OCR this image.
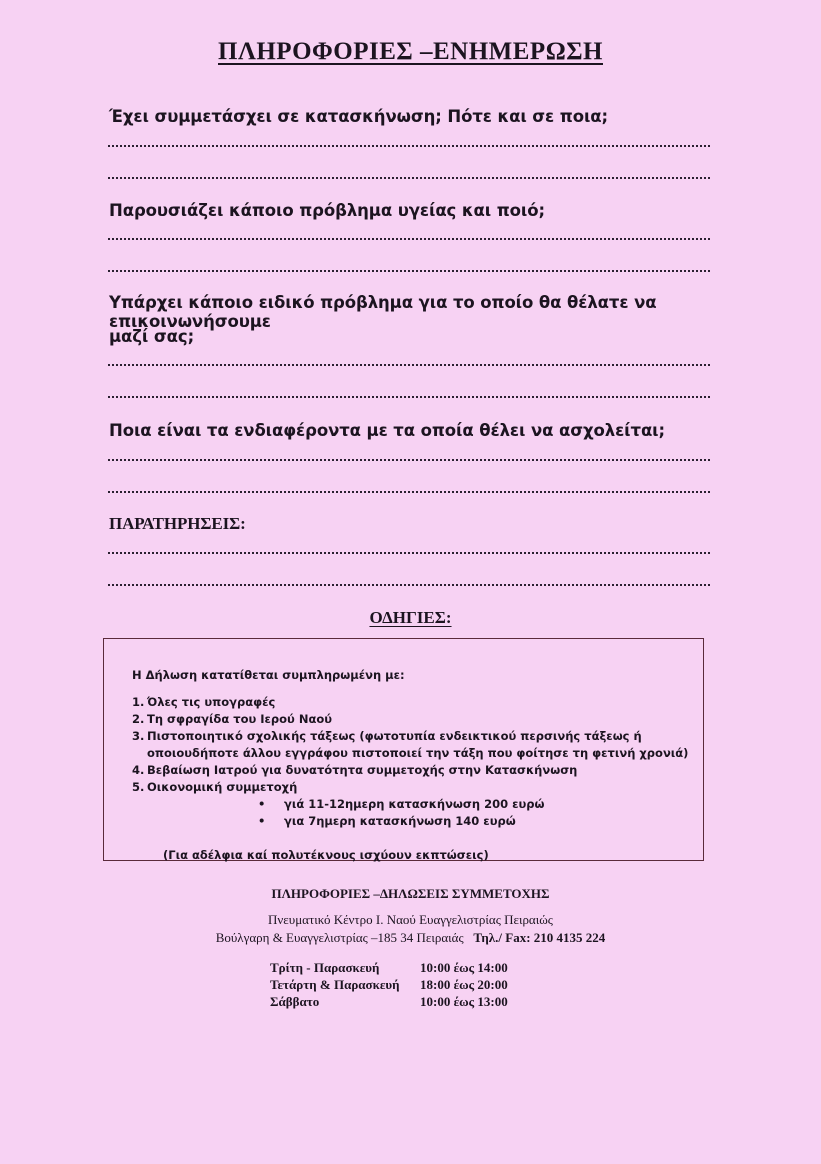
ΠΛΗΡΟΦΟΡΙΕΣ –ΕΝΗΜΕΡΩΣΗ
Έχει συμμετάσχει σε κατασκήνωση; Πότε και σε ποια;
Παρουσιάζει κάποιο πρόβλημα υγείας και ποιό;
Υπάρχει κάποιο ειδικό πρόβλημα για το οποίο θα θέλατε να επικοινωνήσουμε
μαζί σας;
Ποια είναι τα ενδιαφέροντα με τα οποία θέλει να ασχολείται;
ΠΑΡΑΤΗΡΗΣΕΙΣ:
ΟΔΗΓΙΕΣ:
Η Δήλωση κατατίθεται συμπληρωμένη με:
1. Όλες τις υπογραφές
2. Τη σφραγίδα του Ιερού Ναού
3. Πιστοποιητικό σχολικής τάξεως (φωτοτυπία ενδεικτικού περσινής τάξεως ή
οποιουδήποτε άλλου εγγράφου πιστοποιεί την τάξη που φοίτησε τη φετινή χρονιά)
4. Βεβαίωση Ιατρού για δυνατότητα συμμετοχής στην Κατασκήνωση
5. Οικονομική συμμετοχή
• γιά 11-12ημερη κατασκήνωση 200 ευρώ
• για 7ημερη κατασκήνωση 140 ευρώ
(Για αδέλφια καί πολυτέκνους ισχύουν εκπτώσεις)
ΠΛΗΡΟΦΟΡΙΕΣ –ΔΗΛΩΣΕΙΣ ΣΥΜΜΕΤΟΧΗΣ
Πνευματικό Κέντρο Ι. Ναού Ευαγγελιστρίας Πειραιώς
Βούλγαρη & Ευαγγελιστρίας –185 34 Πειραιάς Τηλ./ Fax: 210 4135 224
Τρίτη - Παρασκευή	10:00 έως 14:00
Τετάρτη & Παρασκευή 18:00 έως 20:00
Σάββατο	10:00 έως 13:00
